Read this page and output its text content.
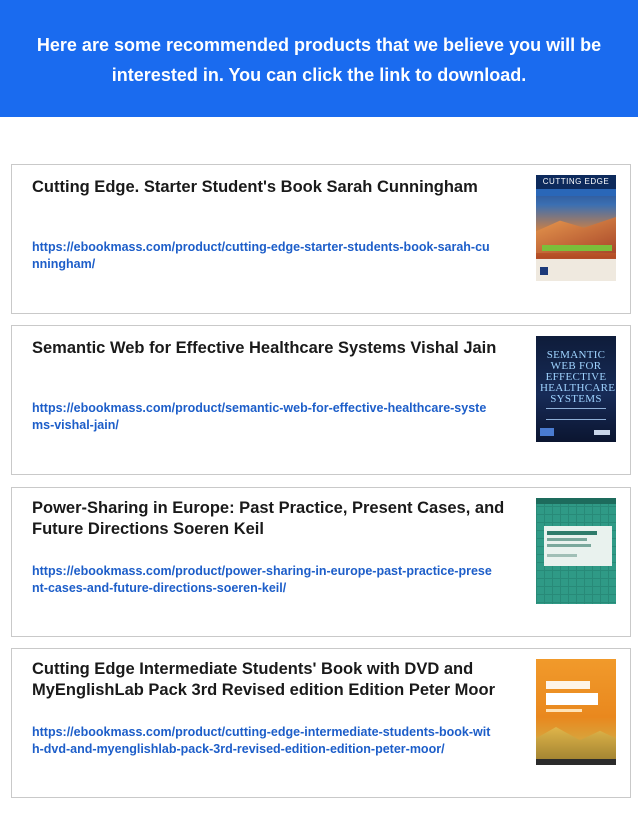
Here are some recommended products that we believe you will be interested in. You can click the link to download.
Cutting Edge. Starter Student's Book Sarah Cunningham
https://ebookmass.com/product/cutting-edge-starter-students-book-sarah-cunningham/
CUTTING EDGE
Semantic Web for Effective Healthcare Systems Vishal Jain
https://ebookmass.com/product/semantic-web-for-effective-healthcare-systems-vishal-jain/
SEMANTIC WEB FOR EFFECTIVE HEALTHCARE SYSTEMS
Power-Sharing in Europe: Past Practice, Present Cases, and Future Directions Soeren Keil
https://ebookmass.com/product/power-sharing-in-europe-past-practice-present-cases-and-future-directions-soeren-keil/
Cutting Edge Intermediate Students' Book with DVD and MyEnglishLab Pack 3rd Revised edition Edition Peter Moor
https://ebookmass.com/product/cutting-edge-intermediate-students-book-with-dvd-and-myenglishlab-pack-3rd-revised-edition-edition-peter-moor/
